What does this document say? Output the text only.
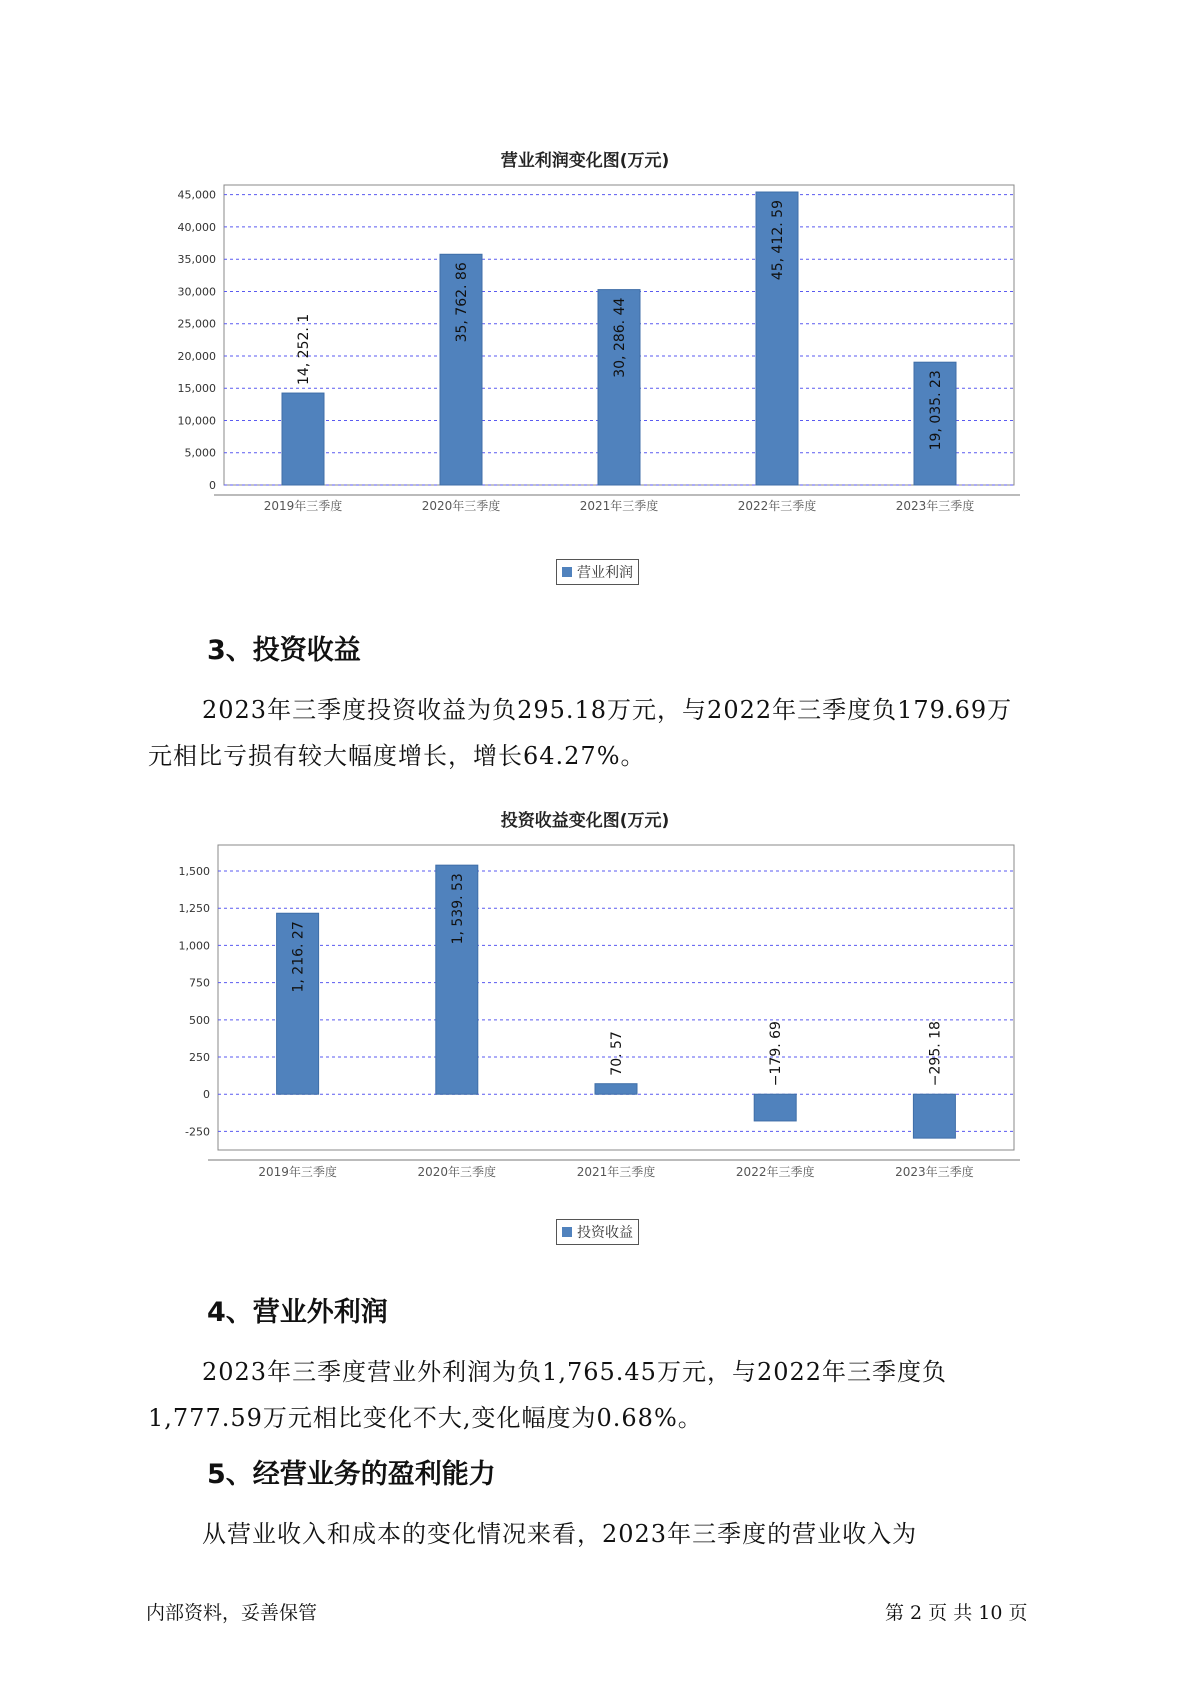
营业利润变化图(万元)
0
5,000
10,000
15,000
20,000
25,000
30,000
35,000
40,000
45,000
14, 252. 1
2019年三季度
35, 762. 86
2020年三季度
30, 286. 44
2021年三季度
45, 412. 59
2022年三季度
19, 035. 23
2023年三季度
营业利润
3、投资收益
2023年三季度投资收益为负295.18万元，与2022年三季度负179.69万
元相比亏损有较大幅度增长，增长64.27%。
投资收益变化图(万元)
-250
0
250
500
750
1,000
1,250
1,500
1, 216. 27
2019年三季度
1, 539. 53
2020年三季度
70. 57
2021年三季度
−179. 69
2022年三季度
−295. 18
2023年三季度
投资收益
4、营业外利润
2023年三季度营业外利润为负1,765.45万元，与2022年三季度负
1,777.59万元相比变化不大,变化幅度为0.68%。
5、经营业务的盈利能力
从营业收入和成本的变化情况来看，2023年三季度的营业收入为
内部资料，妥善保管	第 2 页 共 10 页
